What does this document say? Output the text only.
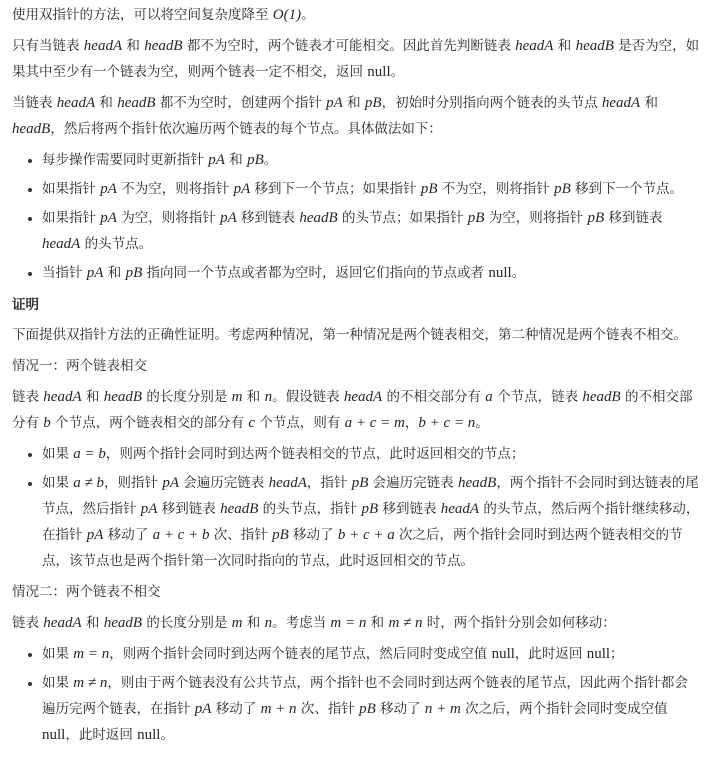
使用双指针的方法，可以将空间复杂度降至 O(1)。

只有当链表 headA 和 headB 都不为空时，两个链表才可能相交。因此首先判断链表 headA 和 headB 是否为空，如果其中至少有一个链表为空，则两个链表一定不相交，返回 null。

当链表 headA 和 headB 都不为空时，创建两个指针 pA 和 pB，初始时分别指向两个链表的头节点 headA 和 headB，然后将两个指针依次遍历两个链表的每个节点。具体做法如下：

• 每步操作需要同时更新指针 pA 和 pB。
• 如果指针 pA 不为空，则将指针 pA 移到下一个节点；如果指针 pB 不为空，则将指针 pB 移到下一个节点。
• 如果指针 pA 为空，则将指针 pA 移到链表 headB 的头节点；如果指针 pB 为空，则将指针 pB 移到链表 headA 的头节点。
• 当指针 pA 和 pB 指向同一个节点或者都为空时，返回它们指向的节点或者 null。
证明

下面提供双指针方法的正确性证明。考虑两种情况，第一种情况是两个链表相交，第二种情况是两个链表不相交。

情况一：两个链表相交

链表 headA 和 headB 的长度分别是 m 和 n。假设链表 headA 的不相交部分有 a 个节点，链表 headB 的不相交部分有 b 个节点，两个链表相交的部分有 c 个节点，则有 a + c = m，b + c = n。

• 如果 a = b，则两个指针会同时到达两个链表相交的节点，此时返回相交的节点；
• 如果 a ≠ b，则指针 pA 会遍历完链表 headA，指针 pB 会遍历完链表 headB，两个指针不会同时到达链表的尾节点，然后指针 pA 移到链表 headB 的头节点，指针 pB 移到链表 headA 的头节点，然后两个指针继续移动，在指针 pA 移动了 a + c + b 次、指针 pB 移动了 b + c + a 次之后，两个指针会同时到达两个链表相交的节点，该节点也是两个指针第一次同时指向的节点，此时返回相交的节点。

情况二：两个链表不相交

链表 headA 和 headB 的长度分别是 m 和 n。考虑当 m = n 和 m ≠ n 时，两个指针分别会如何移动：

• 如果 m = n，则两个指针会同时到达两个链表的尾节点，然后同时变成空值 null，此时返回 null；
• 如果 m ≠ n，则由于两个链表没有公共节点，两个指针也不会同时到达两个链表的尾节点，因此两个指针都会遍历完两个链表，在指针 pA 移动了 m + n 次、指针 pB 移动了 n + m 次之后，两个指针会同时变成空值 null，此时返回 null。
